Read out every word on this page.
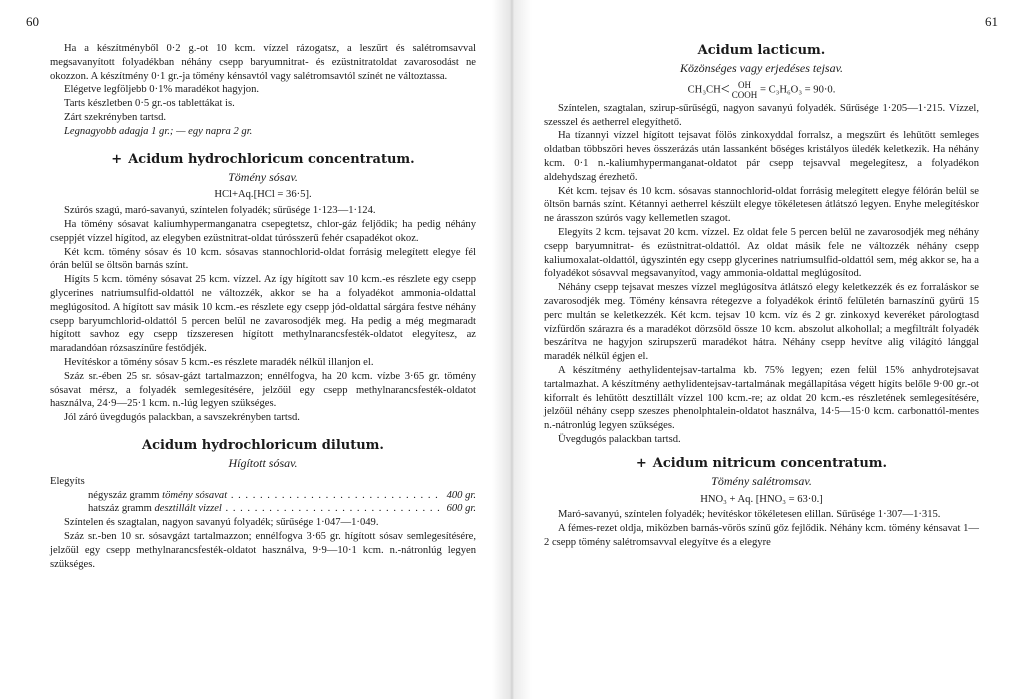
60

Ha a készítményből 0·2 g.-ot 10 kcm. vízzel rázogatsz, a leszűrt és salétromsavval megsavanyított folyadékban néhány csepp baryumnitrat- és ezüstnitratoldat zavarosodást ne okozzon. A készítmény 0·1 gr.-ja tömény kénsavtól vagy salétromsavtól színét ne változtassa.

Elégetve legföljebb 0·1% maradékot hagyjon.

Tarts készletben 0·5 gr.-os tablettákat is.

Zárt szekrényben tartsd.

Legnagyobb adagja 1 gr.; — egy napra 2 gr.

+ Acidum hydrochloricum concentratum.
Tömény sósav.
HCl+Aq.[HCl = 36·5].

Szúrós szagú, maró-savanyú, színtelen folyadék; sűrűsége 1·123—1·124.

Ha tömény sósavat kaliumhypermanganatra csepegtetsz, chlor-gáz feljődik; ha pedig néhány cseppjét vízzel hígítod, az elegyben ezüstnitrat-oldat túrósszerű fehér csapadékot okoz.

Két kcm. tömény sósav és 10 kcm. sósavas stannochlorid-oldat forrásig melegített elegye fél órán belül se öltsön barnás színt.

Hígíts 5 kcm. tömény sósavat 25 kcm. vízzel. Az így hígított sav 10 kcm.-es részlete egy csepp glycerines natriumsulfid-oldattól ne változzék, akkor se ha a folyadékot ammonia-oldattal meglúgosítod. A hígított sav másik 10 kcm.-es részlete egy csepp jód-oldattal sárgára festve néhány csepp baryumchlorid-oldattól 5 percen belül ne zavarosodjék meg. Ha pedig a még megmaradt hígított savhoz egy csepp tízszeresen hígított methylnarancsfesték-oldatot elegyítesz, az maradandóan rózsaszínűre festődjék.

Hevítéskor a tömény sósav 5 kcm.-es részlete maradék nélkül illanjon el.

Száz sr.-ében 25 sr. sósav-gázt tartalmazzon; ennélfogva, ha 20 kcm. vízbe 3·65 gr. tömény sósavat mérsz, a folyadék semlegesítésére, jelzőül egy csepp methylnarancsfesték-oldatot használva, 24·9—25·1 kcm. n.-lúg legyen szükséges.

Jól záró üvegdugós palackban, a savszekrényben tartsd.

Acidum hydrochloricum dilutum.
Hígított sósav.

Elegyíts

négyszáz gramm tömény sósavat . . .	400 gr.
hatszáz gramm desztillált vizzel . . .	600 gr.

Színtelen és szagtalan, nagyon savanyú folyadék; sűrűsége 1·047—1·049.

Száz sr.-ben 10 sr. sósavgázt tartalmazzon; ennélfogva 3·65 gr. hígított sósav semlegesítésére, jelzőül egy csepp methylnarancsfesték-oldatot használva, 9·9—10·1 kcm. n.-nátronlúg legyen szükséges.

61
Acidum lacticum.
Közönséges vagy erjedéses tejsav.
CH₃CH< OH
COOH = C₃H₆O₃ = 90·0.

Színtelen, szagtalan, szirup-sűrűségű, nagyon savanyú folyadék. Sűrűsége 1·205—1·215. Vízzel, szesszel és aetherrel elegyíthető.

Ha tízannyi vízzel hígított tejsavat fölös zinkoxyddal forralsz, a megszűrt és lehűtött semleges oldatban többszöri heves összerázás után lassanként bőséges kristályos üledék keletkezik. Ha néhány kcm. 0·1 n.-kaliumhypermanganat-oldatot pár csepp tejsavval megelegítesz, a folyadékon aldehydszag érezhető.

Két kcm. tejsav és 10 kcm. sósavas stannochlorid-oldat forrásig melegített elegye félórán belül se öltsön barnás színt. Kétannyi aetherrel készült elegye tökéletesen átlátszó legyen. Enyhe melegítéskor ne árasszon szúrós vagy kellemetlen szagot.

Elegyíts 2 kcm. tejsavat 20 kcm. vízzel. Ez oldat fele 5 percen belül ne zavarosodjék meg néhány csepp baryumnitrat- és ezüstnitrat-oldattól. Az oldat másik fele ne változzék néhány csepp kaliumoxalat-oldattól, úgyszintén egy csepp glycerines natriumsulfid-oldattól sem, még akkor se, ha a folyadékot sósavval megsavanyítod, vagy ammonia-oldattal meglúgosítod.

Néhány csepp tejsavat meszes vízzel meglúgosítva átlátszó elegy keletkezzék és ez forraláskor se zavarosodjék meg. Tömény kénsavra rétegezve a folyadékok érintő felületén barnaszínű gyűrű 15 perc multán se keletkezzék. Két kcm. tejsav 10 kcm. víz és 2 gr. zinkoxyd keveréket párologtasd vízfürdőn szárazra és a maradékot dörzsöld össze 10 kcm. abszolut alkohollal; a megfiltrált folyadék beszárítva ne hagyjon szirupszerű maradékot hátra. Néhány csepp hevítve alig világító lánggal maradék nélkül égjen el.

A készítmény aethylidentejsav-tartalma kb. 75% legyen; ezen felül 15% anhydrotejsavat tartalmazhat. A készítmény aethylidentejsav-tartalmának megállapítása végett hígíts belőle 9·00 gr.-ot kiforralt és lehűtött desztillált vízzel 100 kcm.-re; az oldat 20 kcm.-es részletének semlegesítésére, jelzőül néhány csepp szeszes phenolphtalein-oldatot használva, 14·5—15·0 kcm. carbonattól-mentes n.-nátronlúg legyen szükséges.

Üvegdugós palackban tartsd.

+ Acidum nitricum concentratum.
Tömény salétromsav.
HNO₃ + Aq. [HNO₃ = 63·0.]

Maró-savanyú, színtelen folyadék; hevítéskor tökéletesen elillan. Sűrűsége 1·307—1·315.

A fémes-rezet oldja, miközben barnás-vörös színű gőz fejlődik. Néhány kcm. tömény kénsavat 1—2 csepp tömény salétromsavval elegyítve és a elegyre
